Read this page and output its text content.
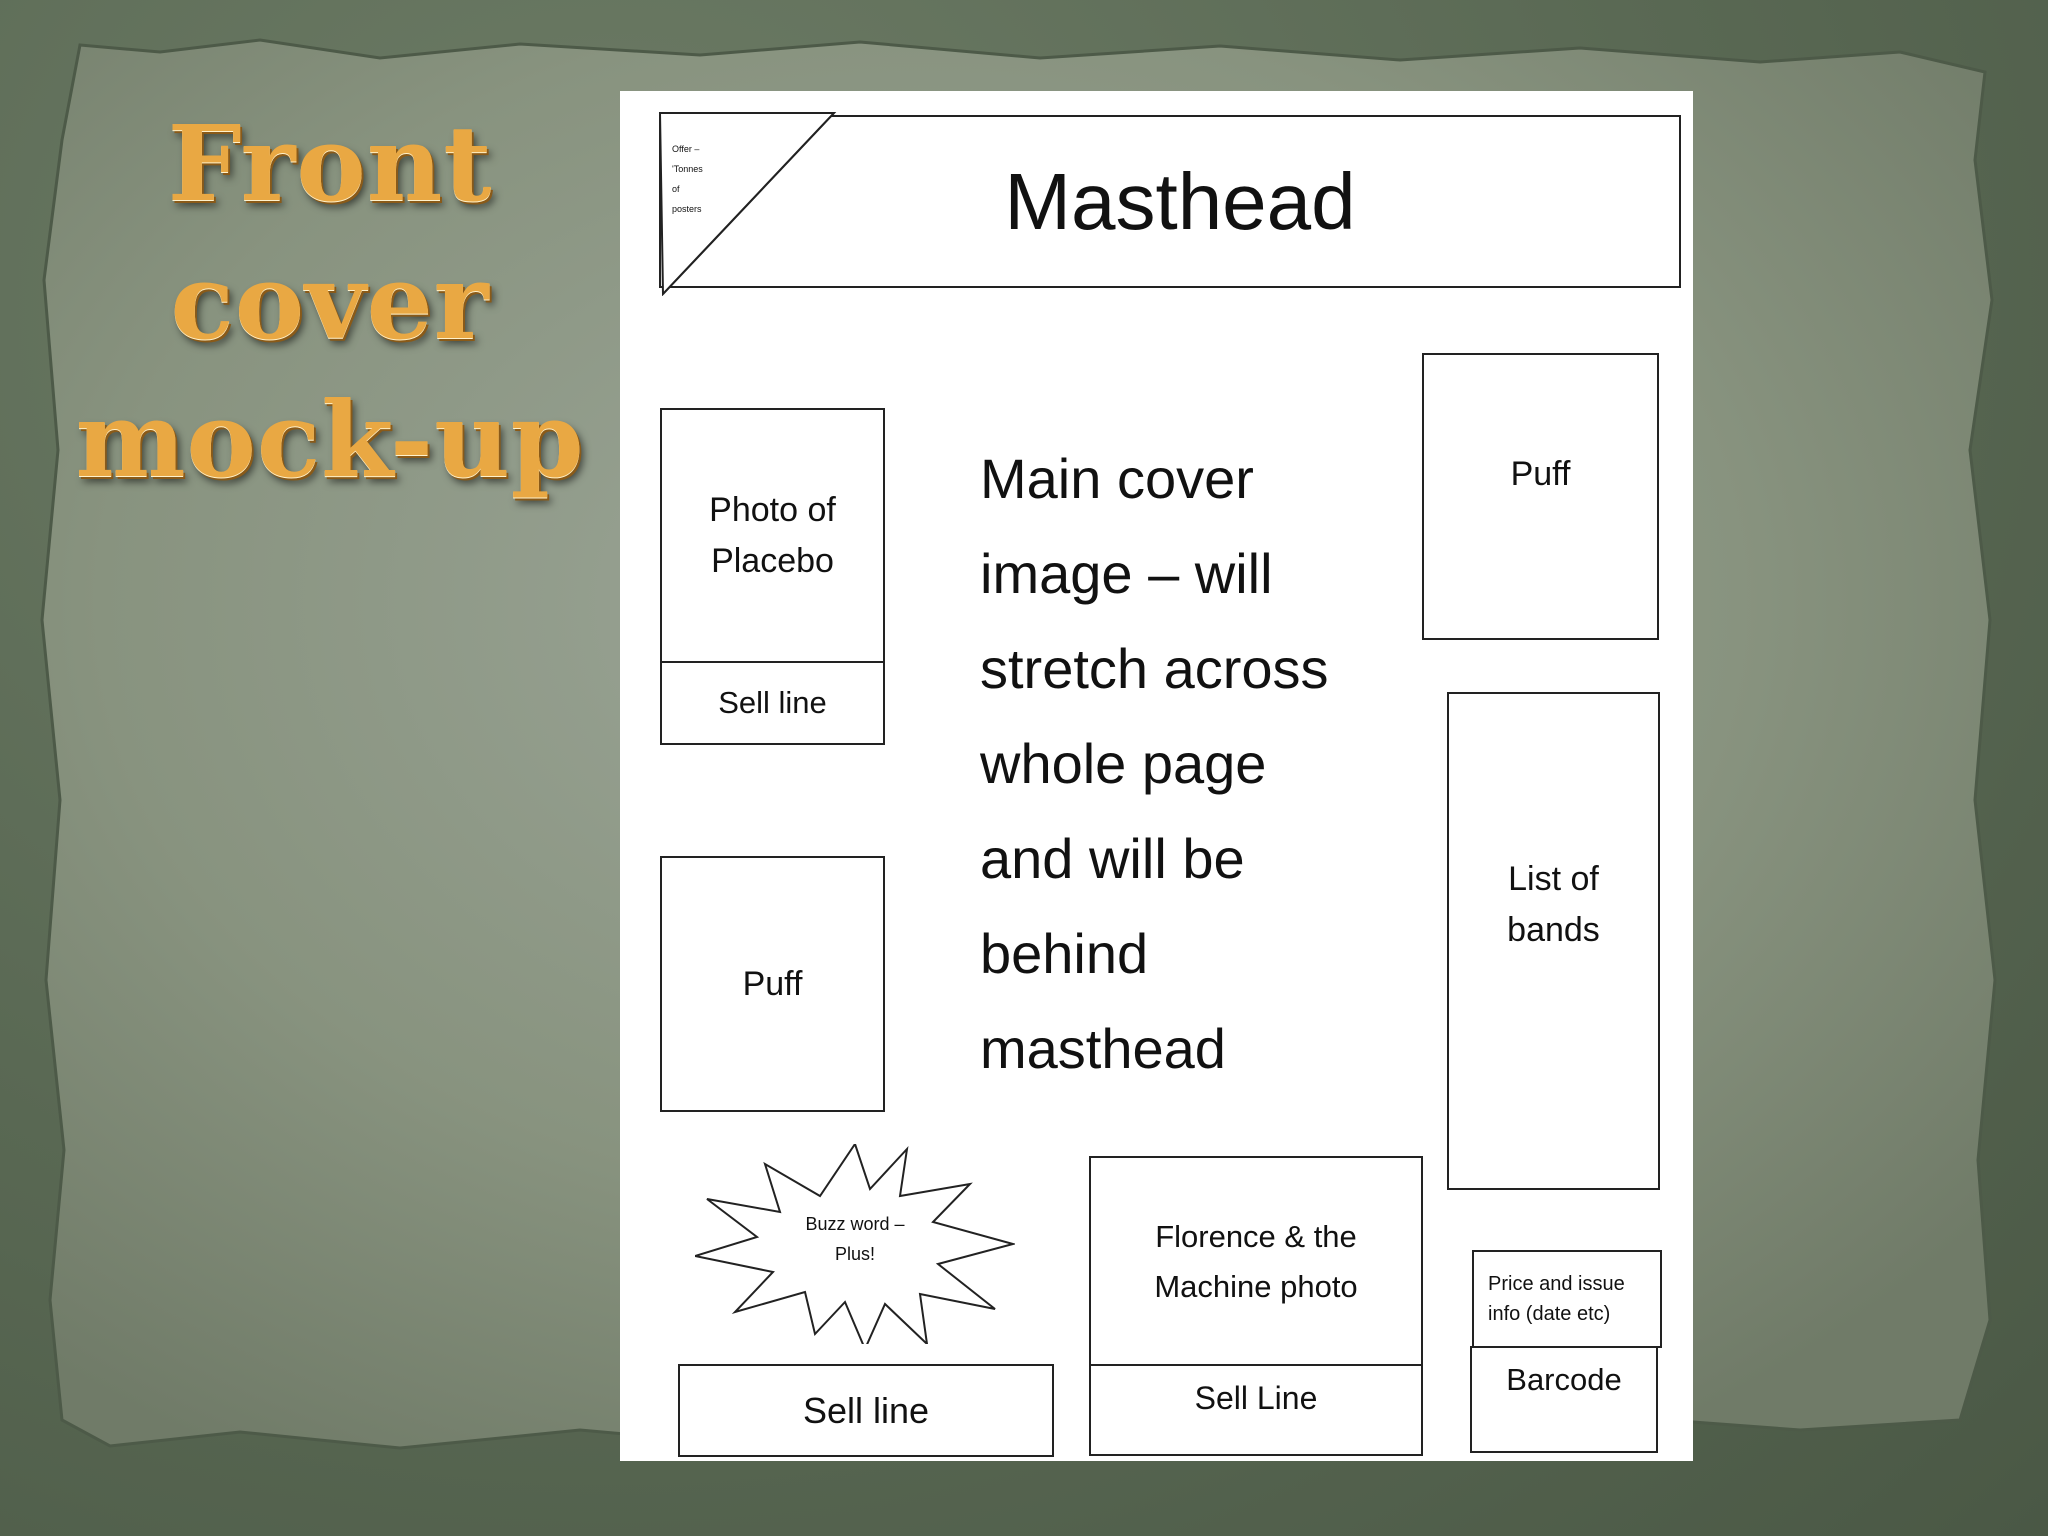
Front
cover
mock-up
Masthead
Offer –
'Tonnes
of
posters
Photo of
Placebo
Sell line
Puff
Main cover
image – will
stretch across
whole page
and will be
behind
masthead
Puff
List of
bands
Buzz word –
Plus!
Sell line
Florence & the
Machine photo
Sell Line
Price and issue
info (date etc)
Barcode
